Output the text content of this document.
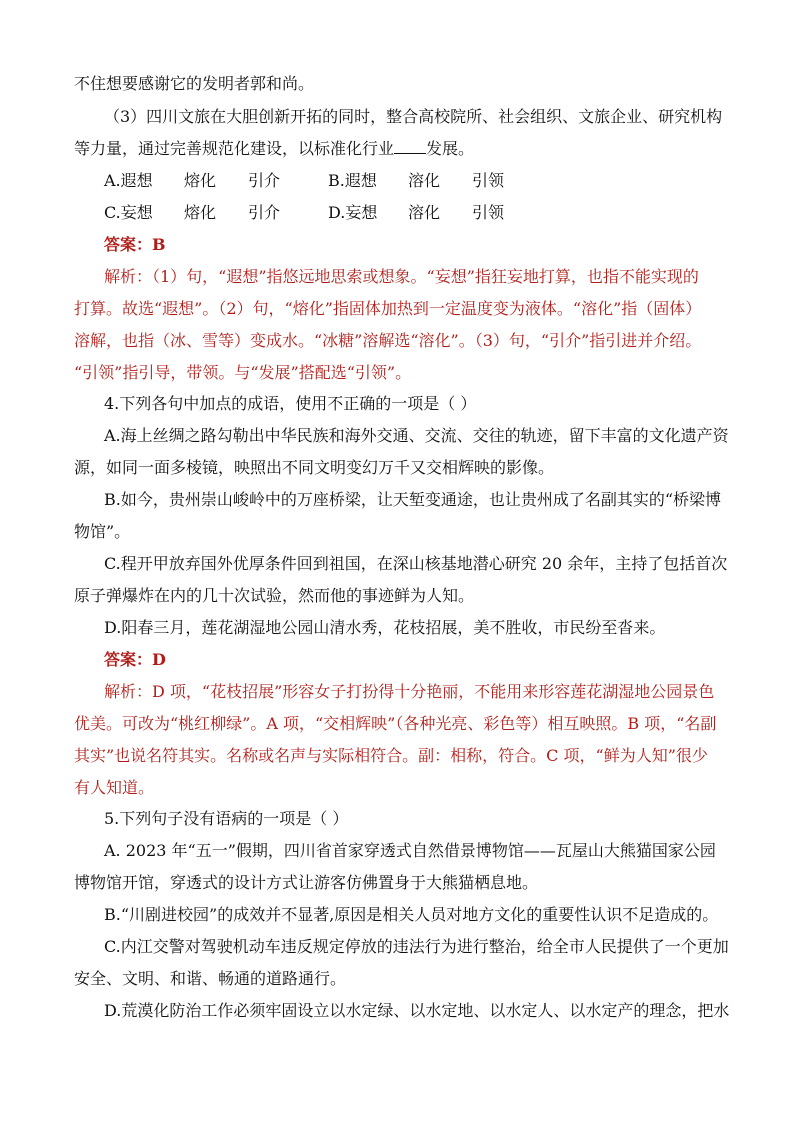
不住想要感谢它的发明者郭和尚。
（3）四川文旅在大胆创新开拓的同时，整合高校院所、社会组织、文旅企业、研究机构
等力量，通过完善规范化建设，以标准化行业 发展。
A.遐想 熔化 引介	B.遐想 溶化 引领
C.妄想 熔化 引介	D.妄想 溶化 引领
答案：B
解析：（1）句，“遐想”指悠远地思索或想象。“妄想”指狂妄地打算，也指不能实现的
打算。故选“遐想”。（2）句，“熔化”指固体加热到一定温度变为液体。“溶化”指（固体）
溶解，也指（冰、雪等）变成水。“冰糖”溶解选“溶化”。（3）句，“引介”指引进并介绍。
“引领”指引导，带领。与“发展”搭配选“引领”。
4.下列各句中加点的成语，使用不正确的一项是（ ）
A.海上丝绸之路勾勒出中华民族和海外交通、交流、交往的轨迹，留下丰富的文化遗产资
源，如同一面多棱镜，映照出不同文明变幻万千又交相辉映的影像。
B.如今，贵州崇山峻岭中的万座桥梁，让天堑变通途，也让贵州成了名副其实的“桥梁博
物馆”。
C.程开甲放弃国外优厚条件回到祖国，在深山核基地潜心研究 20 余年，主持了包括首次
原子弹爆炸在内的几十次试验，然而他的事迹鲜为人知。
D.阳春三月，莲花湖湿地公园山清水秀，花枝招展，美不胜收，市民纷至沓来。
答案：D
解析：D 项，“花枝招展”形容女子打扮得十分艳丽，不能用来形容莲花湖湿地公园景色
优美。可改为“桃红柳绿”。A 项，“交相辉映”（各种光亮、彩色等）相互映照。B 项，“名副
其实”也说名符其实。名称或名声与实际相符合。副：相称，符合。C 项，“鲜为人知”很少
有人知道。
5.下列句子没有语病的一项是（ ）
A. 2023 年“五一”假期，四川省首家穿透式自然借景博物馆——瓦屋山大熊猫国家公园
博物馆开馆，穿透式的设计方式让游客仿佛置身于大熊猫栖息地。
B.“川剧进校园”的成效并不显著,原因是相关人员对地方文化的重要性认识不足造成的。
C.内江交警对驾驶机动车违反规定停放的违法行为进行整治，给全市人民提供了一个更加
安全、文明、和谐、畅通的道路通行。
D.荒漠化防治工作必须牢固设立以水定绿、以水定地、以水定人、以水定产的理念，把水
